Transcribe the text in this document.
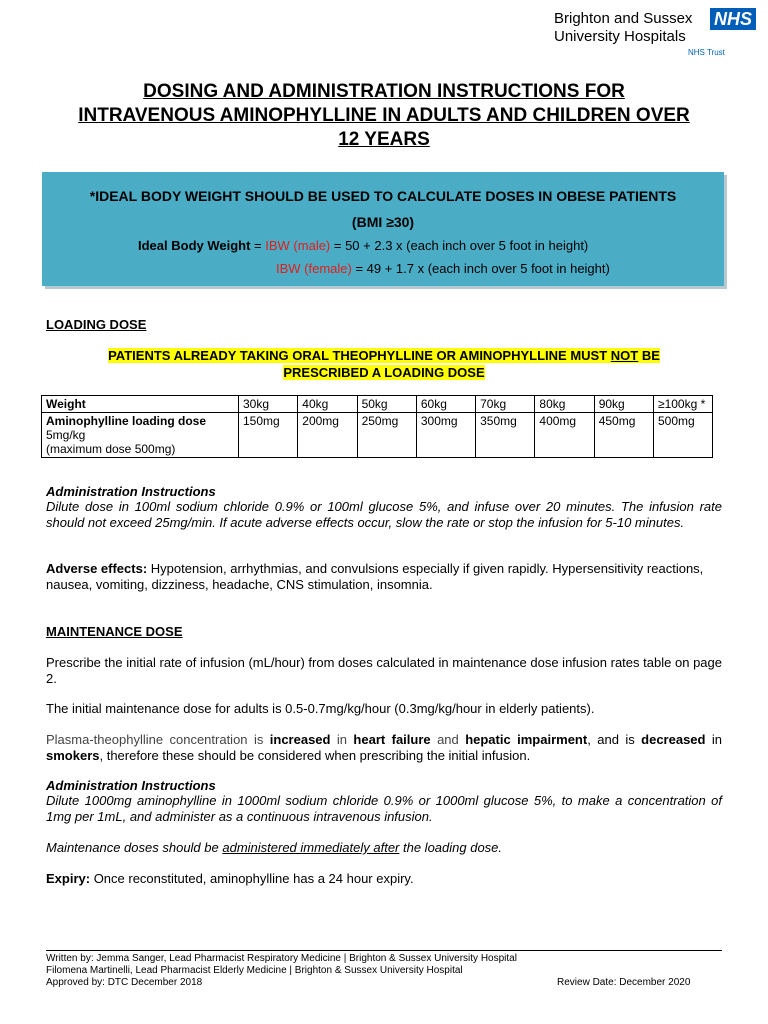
Brighton and Sussex
University Hospitals
NHS
NHS Trust
DOSING AND ADMINISTRATION INSTRUCTIONS FOR
INTRAVENOUS AMINOPHYLLINE IN ADULTS AND CHILDREN OVER
12 YEARS
*IDEAL BODY WEIGHT SHOULD BE USED TO CALCULATE DOSES IN OBESE PATIENTS
(BMI ≥30)
Ideal Body Weight = IBW (male) = 50 + 2.3 x (each inch over 5 foot in height)
IBW (female) = 49 + 1.7 x (each inch over 5 foot in height)
LOADING DOSE
PATIENTS ALREADY TAKING ORAL THEOPHYLLINE OR AMINOPHYLLINE MUST NOT BE
PRESCRIBED A LOADING DOSE
Weight	30kg	40kg	50kg	60kg	70kg	80kg	90kg	≥100kg *

Aminophylline loading dose
5mg/kg
(maximum dose 500mg)	150mg	200mg	250mg	300mg	350mg	400mg	450mg	500mg
Administration Instructions
Dilute dose in 100ml sodium chloride 0.9% or 100ml glucose 5%, and infuse over 20 minutes. The infusion rate should not exceed 25mg/min. If acute adverse effects occur, slow the rate or stop the infusion for 5-10 minutes.
Adverse effects: Hypotension, arrhythmias, and convulsions especially if given rapidly. Hypersensitivity reactions, nausea, vomiting, dizziness, headache, CNS stimulation, insomnia.
MAINTENANCE DOSE
Prescribe the initial rate of infusion (mL/hour) from doses calculated in maintenance dose infusion rates table on page 2.
The initial maintenance dose for adults is 0.5-0.7mg/kg/hour (0.3mg/kg/hour in elderly patients).
Plasma-theophylline concentration is increased in heart failure and hepatic impairment, and is decreased in smokers, therefore these should be considered when prescribing the initial infusion.
Administration Instructions
Dilute 1000mg aminophylline in 1000ml sodium chloride 0.9% or 1000ml glucose 5%, to make a concentration of 1mg per 1mL, and administer as a continuous intravenous infusion.
Maintenance doses should be administered immediately after the loading dose.
Expiry: Once reconstituted, aminophylline has a 24 hour expiry.
Written by: Jemma Sanger, Lead Pharmacist Respiratory Medicine | Brighton & Sussex University Hospital
Filomena Martinelli, Lead Pharmacist Elderly Medicine | Brighton & Sussex University Hospital
Approved by: DTC December 2018	Review Date: December 2020
